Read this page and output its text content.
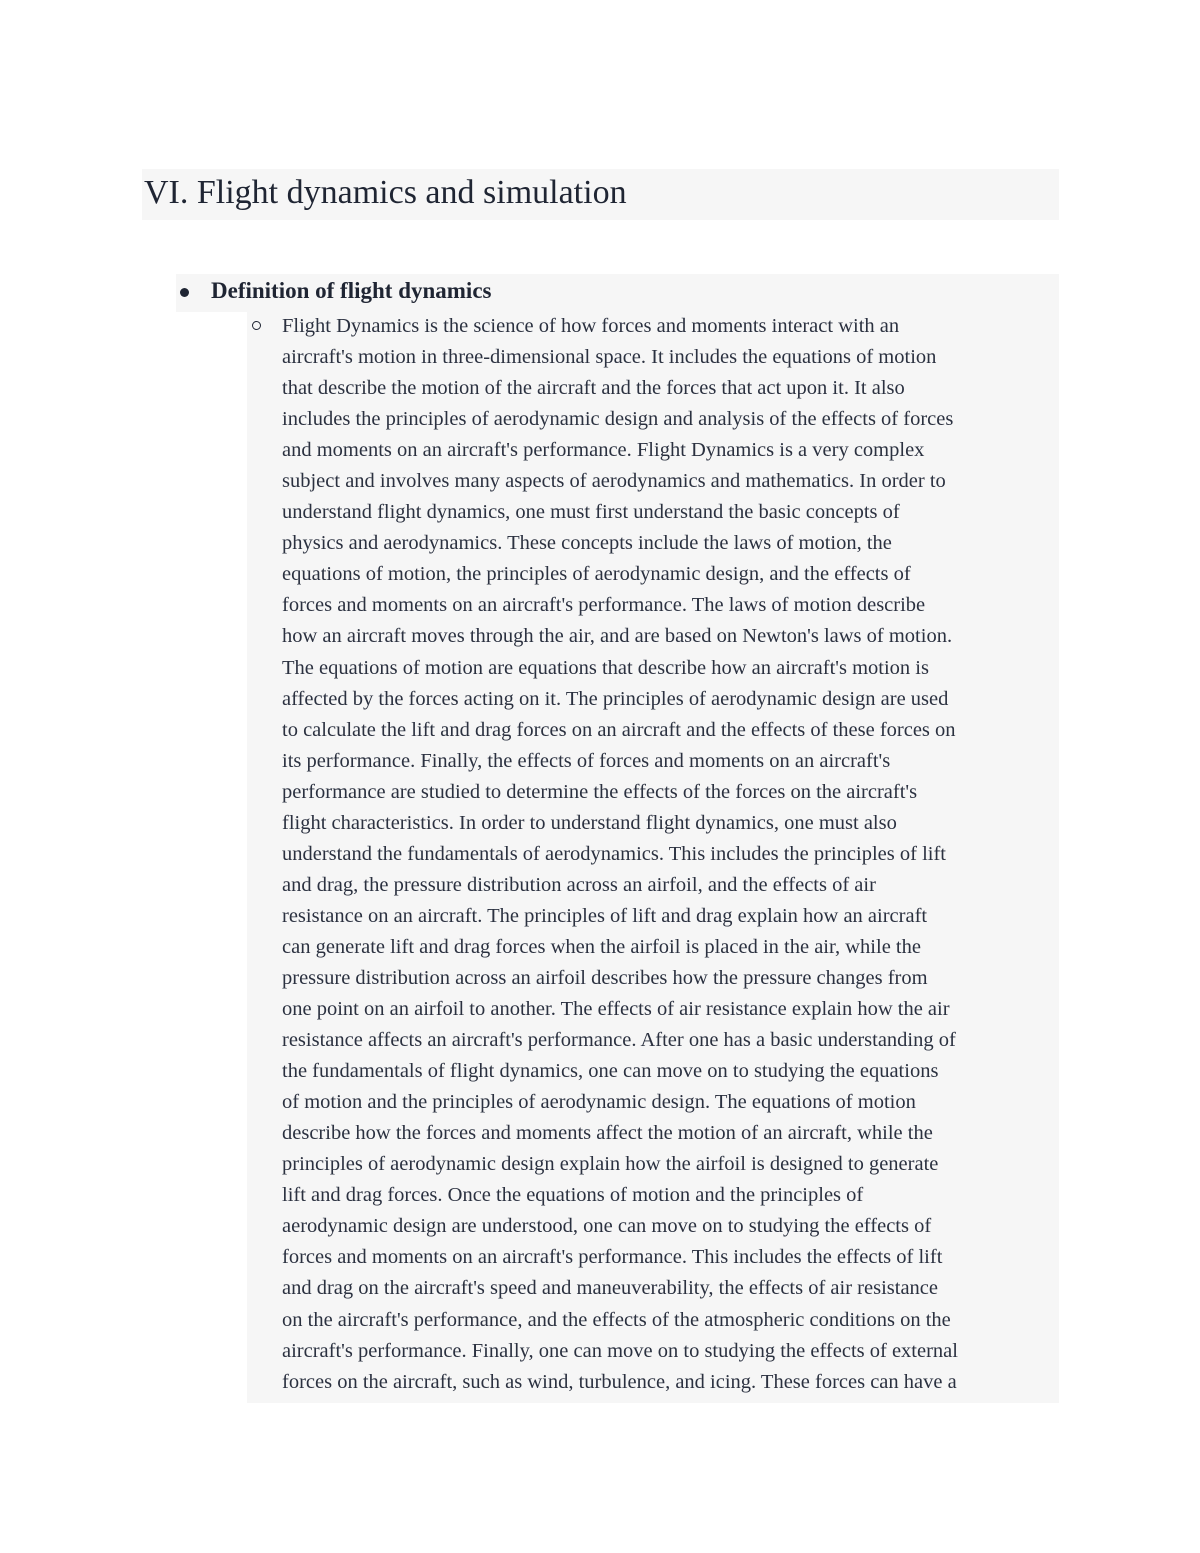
VI. Flight dynamics and simulation
Definition of flight dynamics

Flight Dynamics is the science of how forces and moments interact with an
aircraft's motion in three-dimensional space. It includes the equations of motion
that describe the motion of the aircraft and the forces that act upon it. It also
includes the principles of aerodynamic design and analysis of the effects of forces
and moments on an aircraft's performance. Flight Dynamics is a very complex
subject and involves many aspects of aerodynamics and mathematics. In order to
understand flight dynamics, one must first understand the basic concepts of
physics and aerodynamics. These concepts include the laws of motion, the
equations of motion, the principles of aerodynamic design, and the effects of
forces and moments on an aircraft's performance. The laws of motion describe
how an aircraft moves through the air, and are based on Newton's laws of motion.
The equations of motion are equations that describe how an aircraft's motion is
affected by the forces acting on it. The principles of aerodynamic design are used
to calculate the lift and drag forces on an aircraft and the effects of these forces on
its performance. Finally, the effects of forces and moments on an aircraft's
performance are studied to determine the effects of the forces on the aircraft's
flight characteristics. In order to understand flight dynamics, one must also
understand the fundamentals of aerodynamics. This includes the principles of lift
and drag, the pressure distribution across an airfoil, and the effects of air
resistance on an aircraft. The principles of lift and drag explain how an aircraft
can generate lift and drag forces when the airfoil is placed in the air, while the
pressure distribution across an airfoil describes how the pressure changes from
one point on an airfoil to another. The effects of air resistance explain how the air
resistance affects an aircraft's performance. After one has a basic understanding of
the fundamentals of flight dynamics, one can move on to studying the equations
of motion and the principles of aerodynamic design. The equations of motion
describe how the forces and moments affect the motion of an aircraft, while the
principles of aerodynamic design explain how the airfoil is designed to generate
lift and drag forces. Once the equations of motion and the principles of
aerodynamic design are understood, one can move on to studying the effects of
forces and moments on an aircraft's performance. This includes the effects of lift
and drag on the aircraft's speed and maneuverability, the effects of air resistance
on the aircraft's performance, and the effects of the atmospheric conditions on the
aircraft's performance. Finally, one can move on to studying the effects of external
forces on the aircraft, such as wind, turbulence, and icing. These forces can have a
